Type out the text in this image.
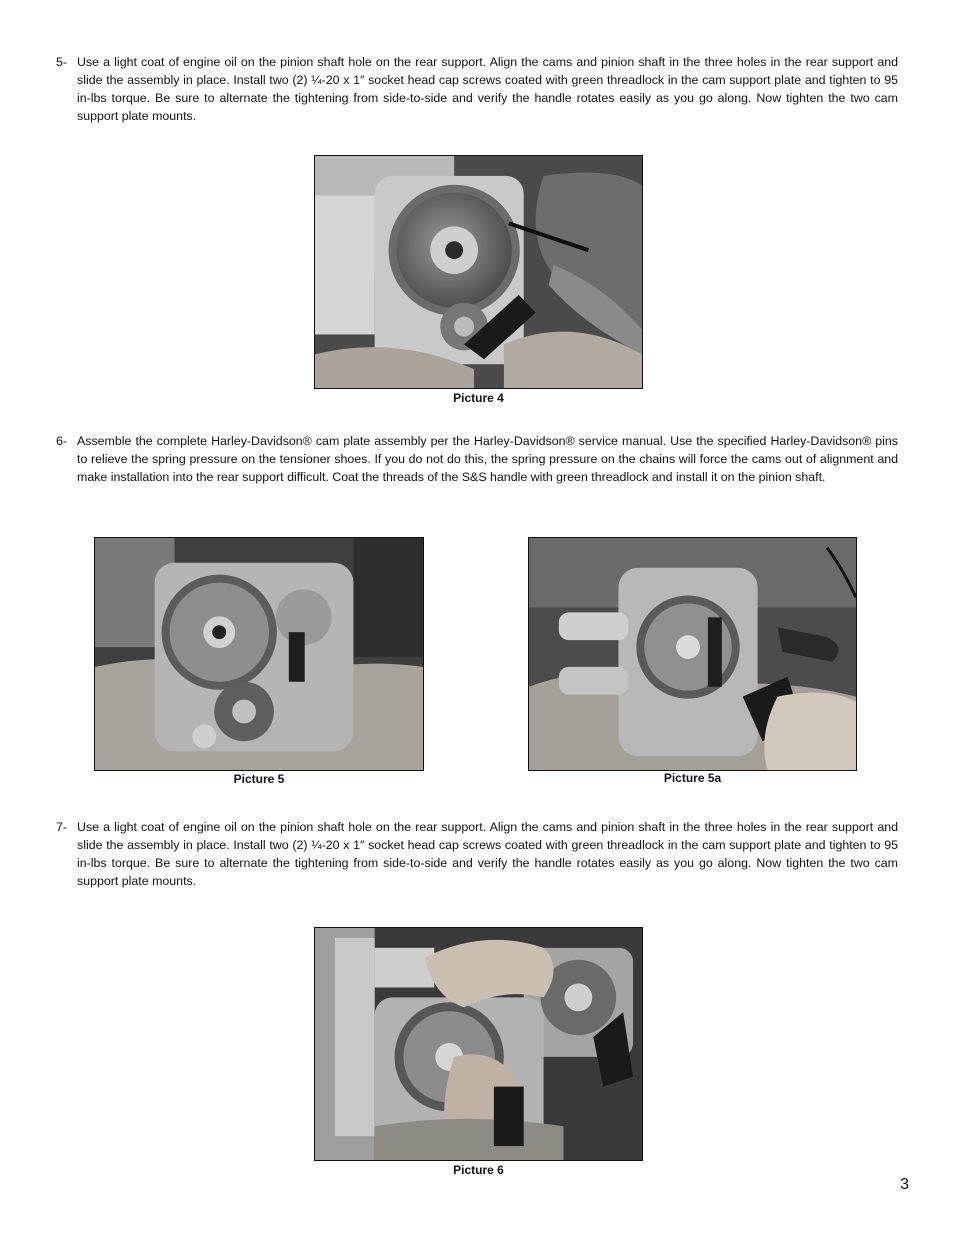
5- Use a light coat of engine oil on the pinion shaft hole on the rear support. Align the cams and pinion shaft in the three holes in the rear support and slide the assembly in place. Install two (2) ¼-20 x 1″ socket head cap screws coated with green threadlock in the cam support plate and tighten to 95 in-lbs torque. Be sure to alternate the tightening from side-to-side and verify the handle rotates easily as you go along. Now tighten the two cam support plate mounts.
Picture 4
6- Assemble the complete Harley-Davidson® cam plate assembly per the Harley-Davidson® service manual. Use the specified Harley-Davidson® pins to relieve the spring pressure on the tensioner shoes. If you do not do this, the spring pressure on the chains will force the cams out of alignment and make installation into the rear support difficult. Coat the threads of the S&S handle with green threadlock and install it on the pinion shaft.
Picture 5	Picture 5a
7- Use a light coat of engine oil on the pinion shaft hole on the rear support. Align the cams and pinion shaft in the three holes in the rear support and slide the assembly in place. Install two (2) ¼-20 x 1″ socket head cap screws coated with green threadlock in the cam support plate and tighten to 95 in-lbs torque. Be sure to alternate the tightening from side-to-side and verify the handle rotates easily as you go along. Now tighten the two cam support plate mounts.
Picture 6
3
